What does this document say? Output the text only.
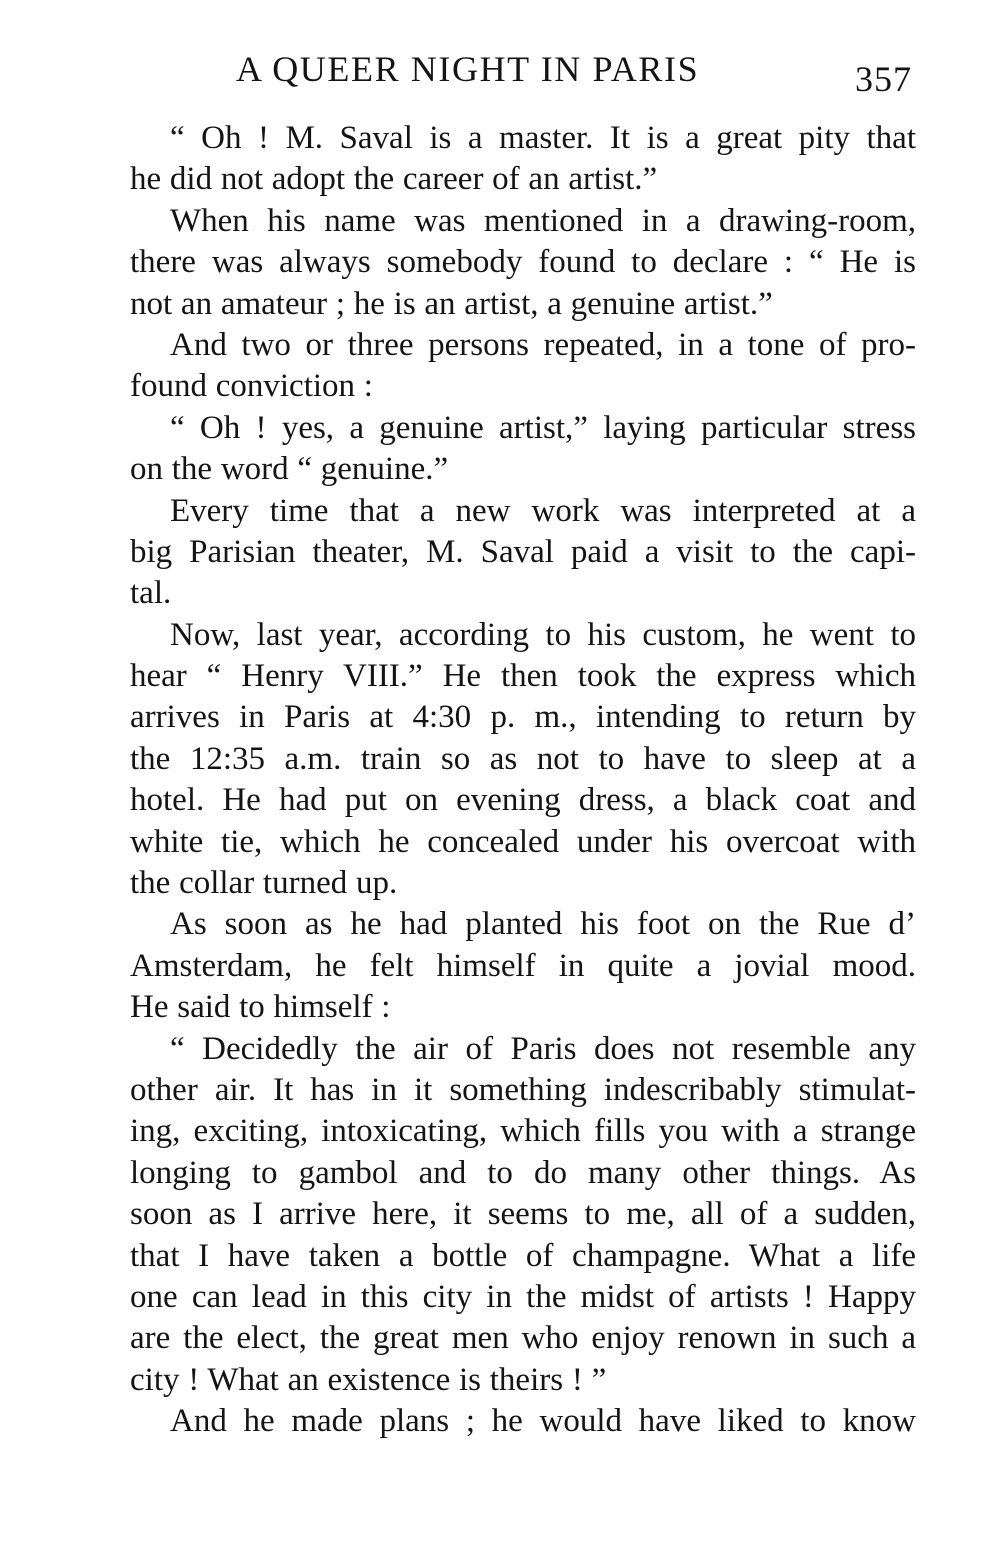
A QUEER NIGHT IN PARIS	357

“ Oh ! M. Saval is a master. It is a great pity that
he did not adopt the career of an artist.”

When his name was mentioned in a drawing-room,
there was always somebody found to declare : “ He is
not an amateur ; he is an artist, a genuine artist.”

And two or three persons repeated, in a tone of pro-
found conviction :

“ Oh ! yes, a genuine artist,” laying particular stress
on the word “ genuine.”

Every time that a new work was interpreted at a
big Parisian theater, M. Saval paid a visit to the capi-
tal.

Now, last year, according to his custom, he went to
hear “ Henry VIII.” He then took the express which
arrives in Paris at 4:30 p. m., intending to return by
the 12:35 a.m. train so as not to have to sleep at a
hotel. He had put on evening dress, a black coat and
white tie, which he concealed under his overcoat with
the collar turned up.

As soon as he had planted his foot on the Rue d’
Amsterdam, he felt himself in quite a jovial mood.
He said to himself :

“ Decidedly the air of Paris does not resemble any
other air. It has in it something indescribably stimulat-
ing, exciting, intoxicating, which fills you with a strange
longing to gambol and to do many other things. As
soon as I arrive here, it seems to me, all of a sudden,
that I have taken a bottle of champagne. What a life
one can lead in this city in the midst of artists ! Happy
are the elect, the great men who enjoy renown in such a
city ! What an existence is theirs ! ”

And he made plans ; he would have liked to know
